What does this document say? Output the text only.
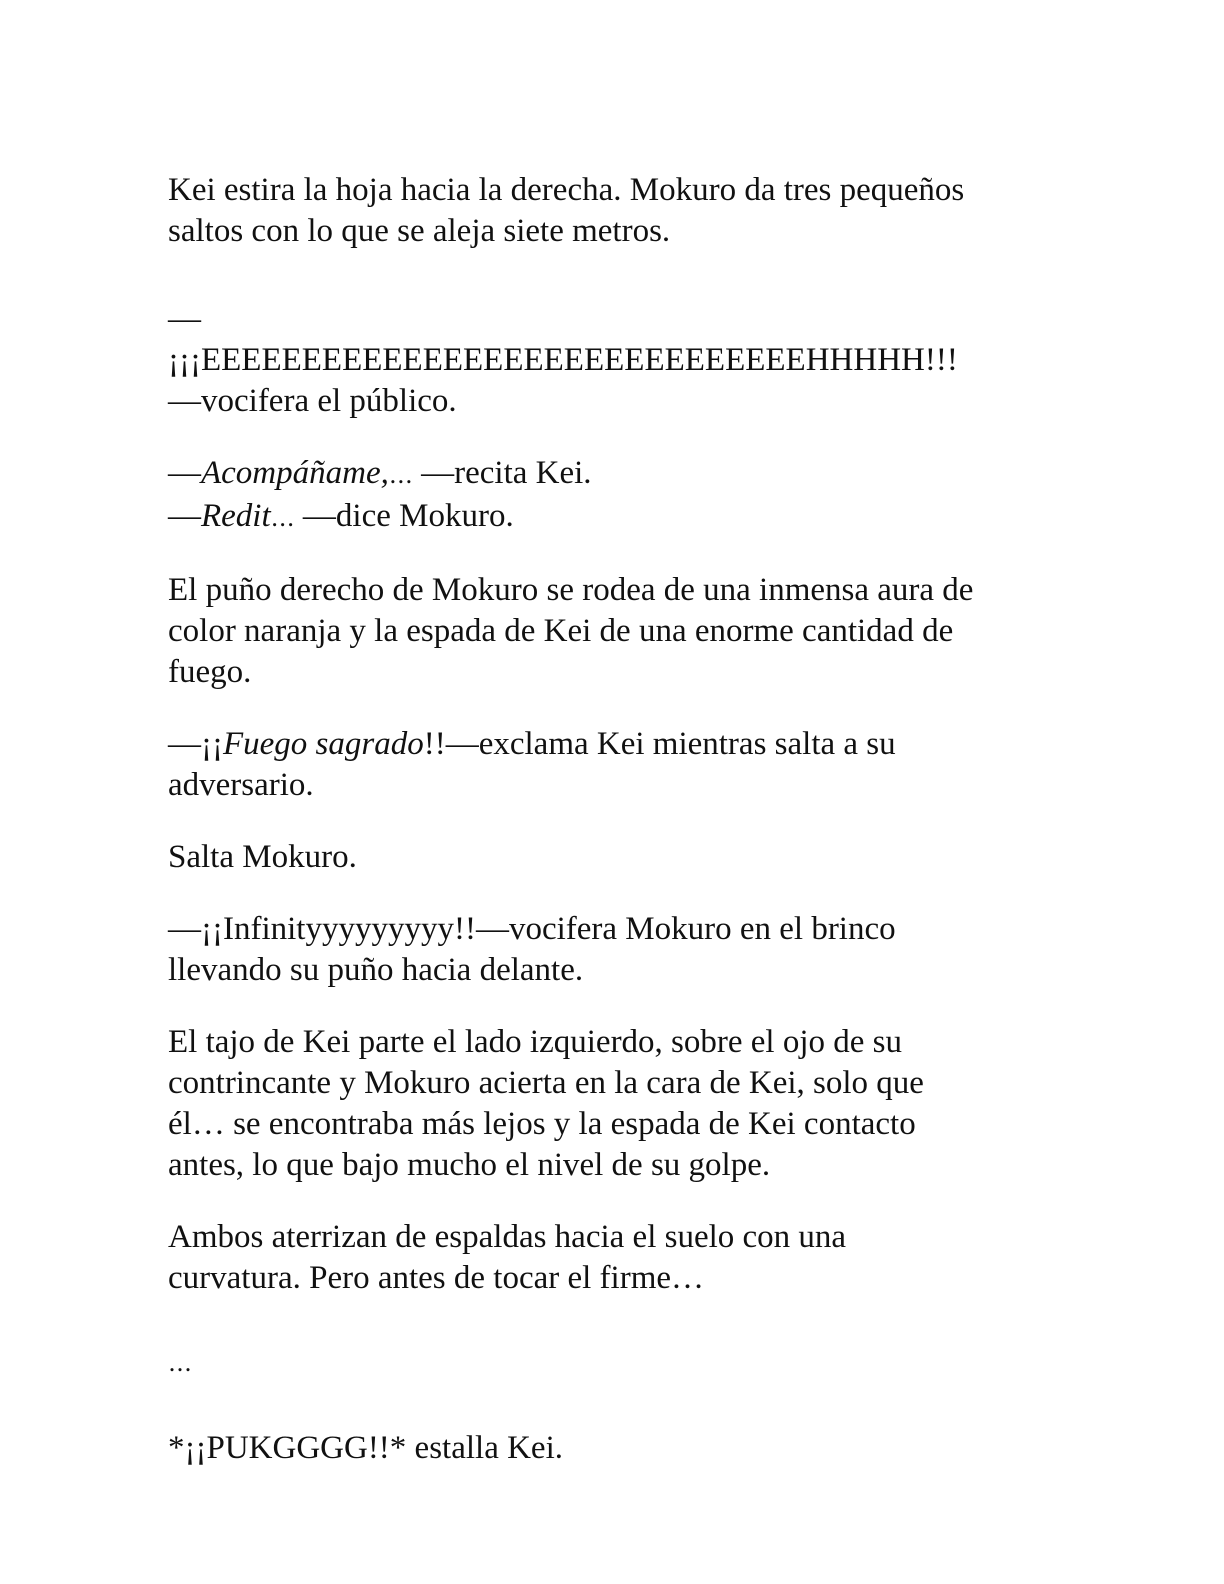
Kei estira la hoja hacia la derecha. Mokuro da tres pequeños
saltos con lo que se aleja siete metros.

—
¡¡¡EEEEEEEEEEEEEEEEEEEEEEEEEEEEEEHHHHH!!!
—vocifera el público.

—Acompáñame,… —recita Kei.
—Redit… —dice Mokuro.

El puño derecho de Mokuro se rodea de una inmensa aura de
color naranja y la espada de Kei de una enorme cantidad de
fuego.

—¡¡Fuego sagrado!!—exclama Kei mientras salta a su
adversario.

Salta Mokuro.

—¡¡Infinityyyyyyyyy!!—vocifera Mokuro en el brinco
llevando su puño hacia delante.

El tajo de Kei parte el lado izquierdo, sobre el ojo de su
contrincante y Mokuro acierta en la cara de Kei, solo que
él… se encontraba más lejos y la espada de Kei contacto
antes, lo que bajo mucho el nivel de su golpe.

Ambos aterrizan de espaldas hacia el suelo con una
curvatura. Pero antes de tocar el firme…

…

*¡¡PUKGGGG!!* estalla Kei.
